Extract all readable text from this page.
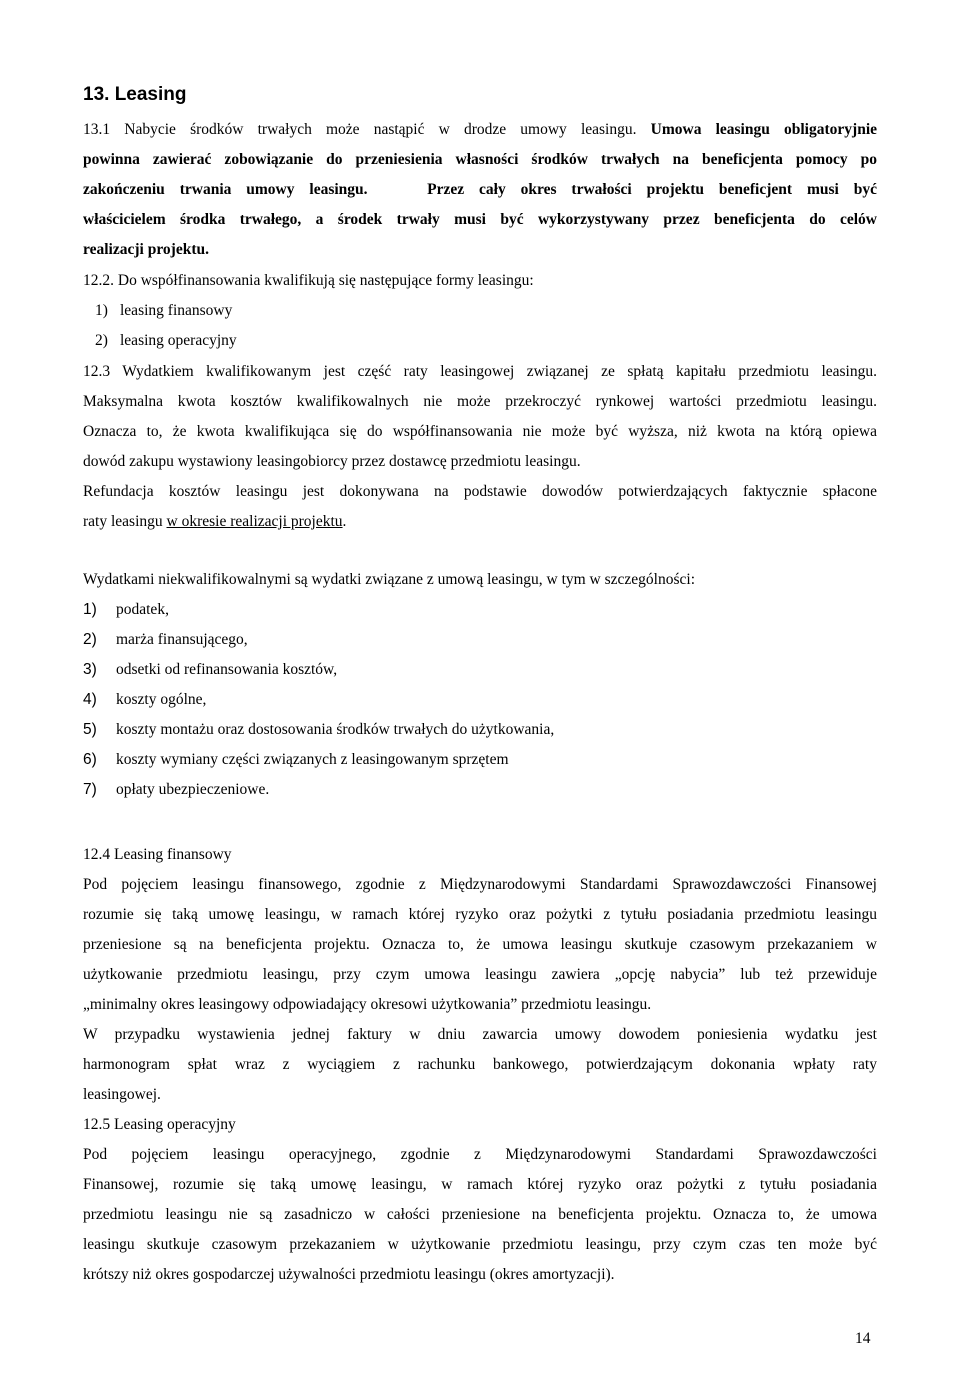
13. Leasing
13.1 Nabycie środków trwałych może nastąpić w drodze umowy leasingu. Umowa leasingu obligatoryjnie
powinna zawierać zobowiązanie do przeniesienia własności środków trwałych na beneficjenta pomocy po
zakończeniu trwania umowy leasingu.	Przez cały okres trwałości projektu beneficjent musi być
właścicielem środka trwałego, a środek trwały musi być wykorzystywany przez beneficjenta do celów
realizacji projektu.
12.2. Do współfinansowania kwalifikują się następujące formy leasingu:
1) leasing finansowy
2) leasing operacyjny
12.3 Wydatkiem kwalifikowanym jest część raty leasingowej związanej ze spłatą kapitału przedmiotu leasingu.
Maksymalna kwota kosztów kwalifikowalnych nie może przekroczyć rynkowej wartości przedmiotu leasingu.
Oznacza to, że kwota kwalifikująca się do współfinansowania nie może być wyższa, niż kwota na którą opiewa
dowód zakupu wystawiony leasingobiorcy przez dostawcę przedmiotu leasingu.
Refundacja kosztów leasingu jest dokonywana na podstawie dowodów potwierdzających faktycznie spłacone
raty leasingu w okresie realizacji projektu.
Wydatkami niekwalifikowalnymi są wydatki związane z umową leasingu, w tym w szczególności:
1) podatek,
2) marża finansującego,
3) odsetki od refinansowania kosztów,
4) koszty ogólne,
5) koszty montażu oraz dostosowania środków trwałych do użytkowania,
6) koszty wymiany części związanych z leasingowanym sprzętem
7) opłaty ubezpieczeniowe.
12.4 Leasing finansowy
Pod pojęciem leasingu finansowego, zgodnie z Międzynarodowymi Standardami Sprawozdawczości Finansowej
rozumie się taką umowę leasingu, w ramach której ryzyko oraz pożytki z tytułu posiadania przedmiotu leasingu
przeniesione są na beneficjenta projektu. Oznacza to, że umowa leasingu skutkuje czasowym przekazaniem w
użytkowanie przedmiotu leasingu, przy czym umowa leasingu zawiera „opcję nabycia” lub też przewiduje
„minimalny okres leasingowy odpowiadający okresowi użytkowania” przedmiotu leasingu.
W przypadku wystawienia jednej faktury w dniu zawarcia umowy dowodem poniesienia wydatku jest
harmonogram spłat wraz z wyciągiem z rachunku bankowego, potwierdzającym dokonania wpłaty raty
leasingowej.
12.5 Leasing operacyjny
Pod pojęciem leasingu operacyjnego, zgodnie z Międzynarodowymi Standardami Sprawozdawczości
Finansowej, rozumie się taką umowę leasingu, w ramach której ryzyko oraz pożytki z tytułu posiadania
przedmiotu leasingu nie są zasadniczo w całości przeniesione na beneficjenta projektu. Oznacza to, że umowa
leasingu skutkuje czasowym przekazaniem w użytkowanie przedmiotu leasingu, przy czym czas ten może być
krótszy niż okres gospodarczej używalności przedmiotu leasingu (okres amortyzacji).
14
